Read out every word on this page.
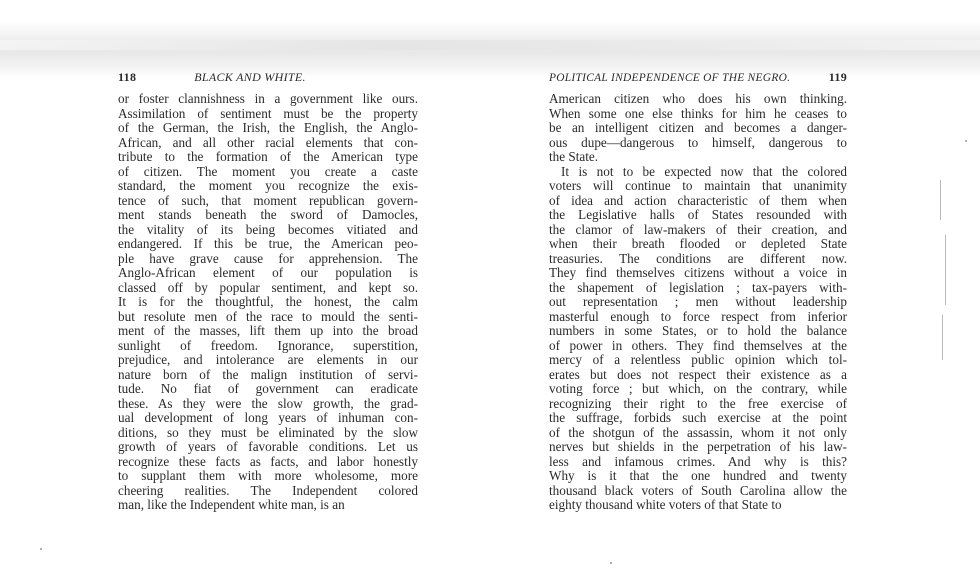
118	BLACK AND WHITE.
or foster clannishness in a government like ours.
Assimilation of sentiment must be the property
of the German, the Irish, the English, the Anglo-
African, and all other racial elements that con-
tribute to the formation of the American type
of citizen. The moment you create a caste
standard, the moment you recognize the exis-
tence of such, that moment republican govern-
ment stands beneath the sword of Damocles,
the vitality of its being becomes vitiated and
endangered. If this be true, the American peo-
ple have grave cause for apprehension. The
Anglo-African element of our population is
classed off by popular sentiment, and kept so.
It is for the thoughtful, the honest, the calm
but resolute men of the race to mould the senti-
ment of the masses, lift them up into the broad
sunlight of freedom. Ignorance, superstition,
prejudice, and intolerance are elements in our
nature born of the malign institution of servi-
tude. No fiat of government can eradicate
these. As they were the slow growth, the grad-
ual development of long years of inhuman con-
ditions, so they must be eliminated by the slow
growth of years of favorable conditions. Let us
recognize these facts as facts, and labor honestly
to supplant them with more wholesome, more
cheering realities. The Independent colored
man, like the Independent white man, is an
POLITICAL INDEPENDENCE OF THE NEGRO.	119
American citizen who does his own thinking.
When some one else thinks for him he ceases to
be an intelligent citizen and becomes a danger-
ous dupe—dangerous to himself, dangerous to
the State.
It is not to be expected now that the colored
voters will continue to maintain that unanimity
of idea and action characteristic of them when
the Legislative halls of States resounded with
the clamor of law-makers of their creation, and
when their breath flooded or depleted State
treasuries. The conditions are different now.
They find themselves citizens without a voice in
the shapement of legislation ; tax-payers with-
out representation ; men without leadership
masterful enough to force respect from inferior
numbers in some States, or to hold the balance
of power in others. They find themselves at the
mercy of a relentless public opinion which tol-
erates but does not respect their existence as a
voting force ; but which, on the contrary, while
recognizing their right to the free exercise of
the suffrage, forbids such exercise at the point
of the shotgun of the assassin, whom it not only
nerves but shields in the perpetration of his law-
less and infamous crimes. And why is this?
Why is it that the one hundred and twenty
thousand black voters of South Carolina allow the
eighty thousand white voters of that State to
